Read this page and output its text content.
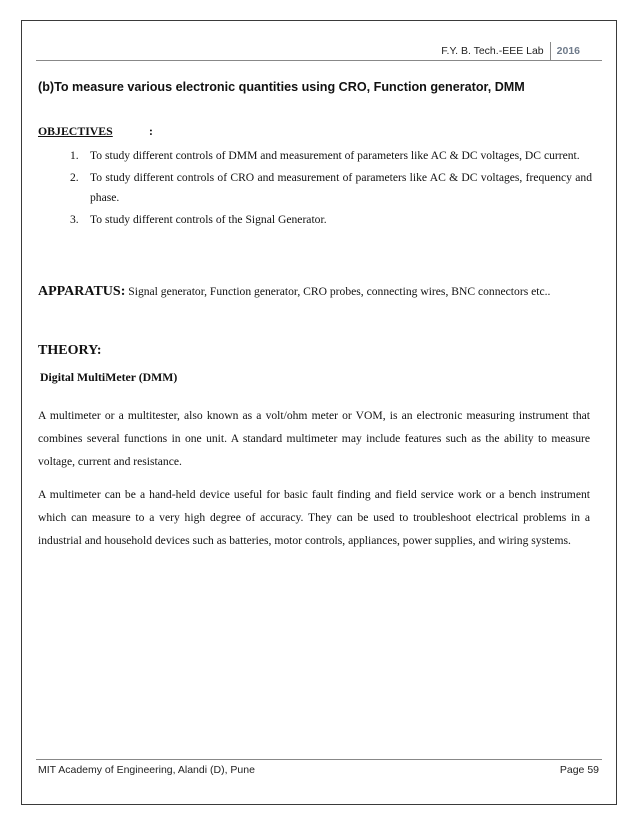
F.Y. B. Tech.-EEE Lab	2016
(b)To measure various electronic quantities using CRO, Function generator, DMM
OBJECTIVES	:
1. To study different controls of DMM and measurement of parameters like AC & DC voltages, DC current.
2. To study different controls of CRO and measurement of parameters like AC & DC voltages, frequency and phase.
3. To study different controls of the Signal Generator.
APPARATUS: Signal generator, Function generator, CRO probes, connecting wires, BNC connectors etc..
THEORY:
Digital MultiMeter (DMM)

A multimeter or a multitester, also known as a volt/ohm meter or VOM, is an electronic measuring instrument that combines several functions in one unit. A standard multimeter may include features such as the ability to measure voltage, current and resistance.

A multimeter can be a hand-held device useful for basic fault finding and field service work or a bench instrument which can measure to a very high degree of accuracy. They can be used to troubleshoot electrical problems in a industrial and household devices such as batteries, motor controls, appliances, power supplies, and wiring systems.

MIT Academy of Engineering, Alandi (D), Pune	Page 59
